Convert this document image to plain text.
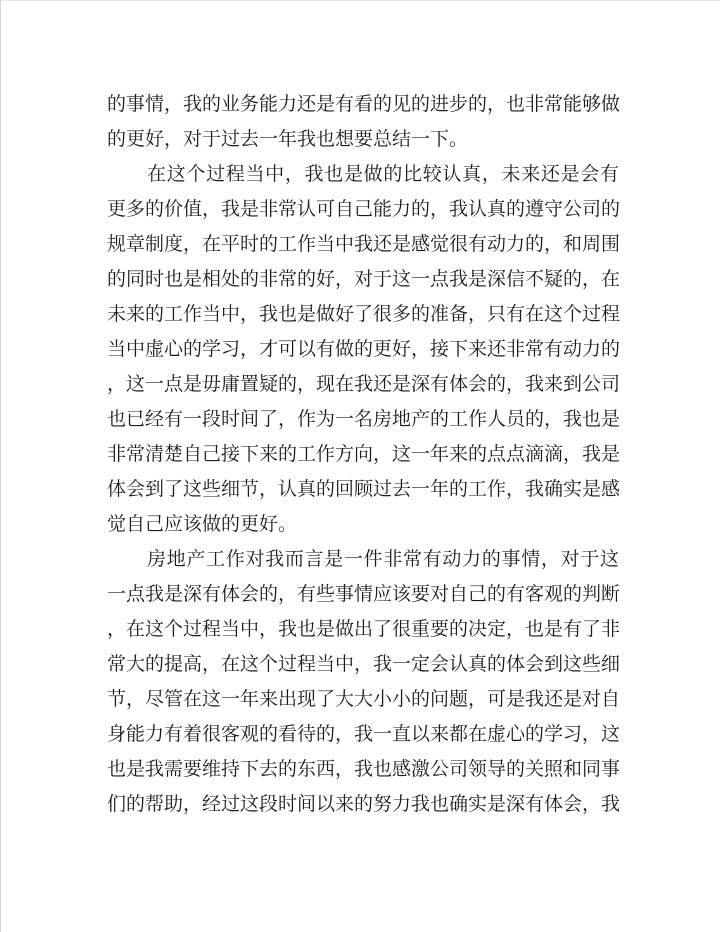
的事情，我的业务能力还是有看的见的进步的，也非常能够做
的更好，对于过去一年我也想要总结一下。
在这个过程当中，我也是做的比较认真，未来还是会有
更多的价值，我是非常认可自己能力的，我认真的遵守公司的
规章制度，在平时的工作当中我还是感觉很有动力的，和周围
的同时也是相处的非常的好，对于这一点我是深信不疑的，在
未来的工作当中，我也是做好了很多的准备，只有在这个过程
当中虚心的学习，才可以有做的更好，接下来还非常有动力的
，这一点是毋庸置疑的，现在我还是深有体会的，我来到公司
也已经有一段时间了，作为一名房地产的工作人员的，我也是
非常清楚自己接下来的工作方向，这一年来的点点滴滴，我是
体会到了这些细节，认真的回顾过去一年的工作，我确实是感
觉自己应该做的更好。
房地产工作对我而言是一件非常有动力的事情，对于这
一点我是深有体会的，有些事情应该要对自己的有客观的判断
，在这个过程当中，我也是做出了很重要的决定，也是有了非
常大的提高，在这个过程当中，我一定会认真的体会到这些细
节，尽管在这一年来出现了大大小小的问题，可是我还是对自
身能力有着很客观的看待的，我一直以来都在虚心的学习，这
也是我需要维持下去的东西，我也感激公司领导的关照和同事
们的帮助，经过这段时间以来的努力我也确实是深有体会，我
